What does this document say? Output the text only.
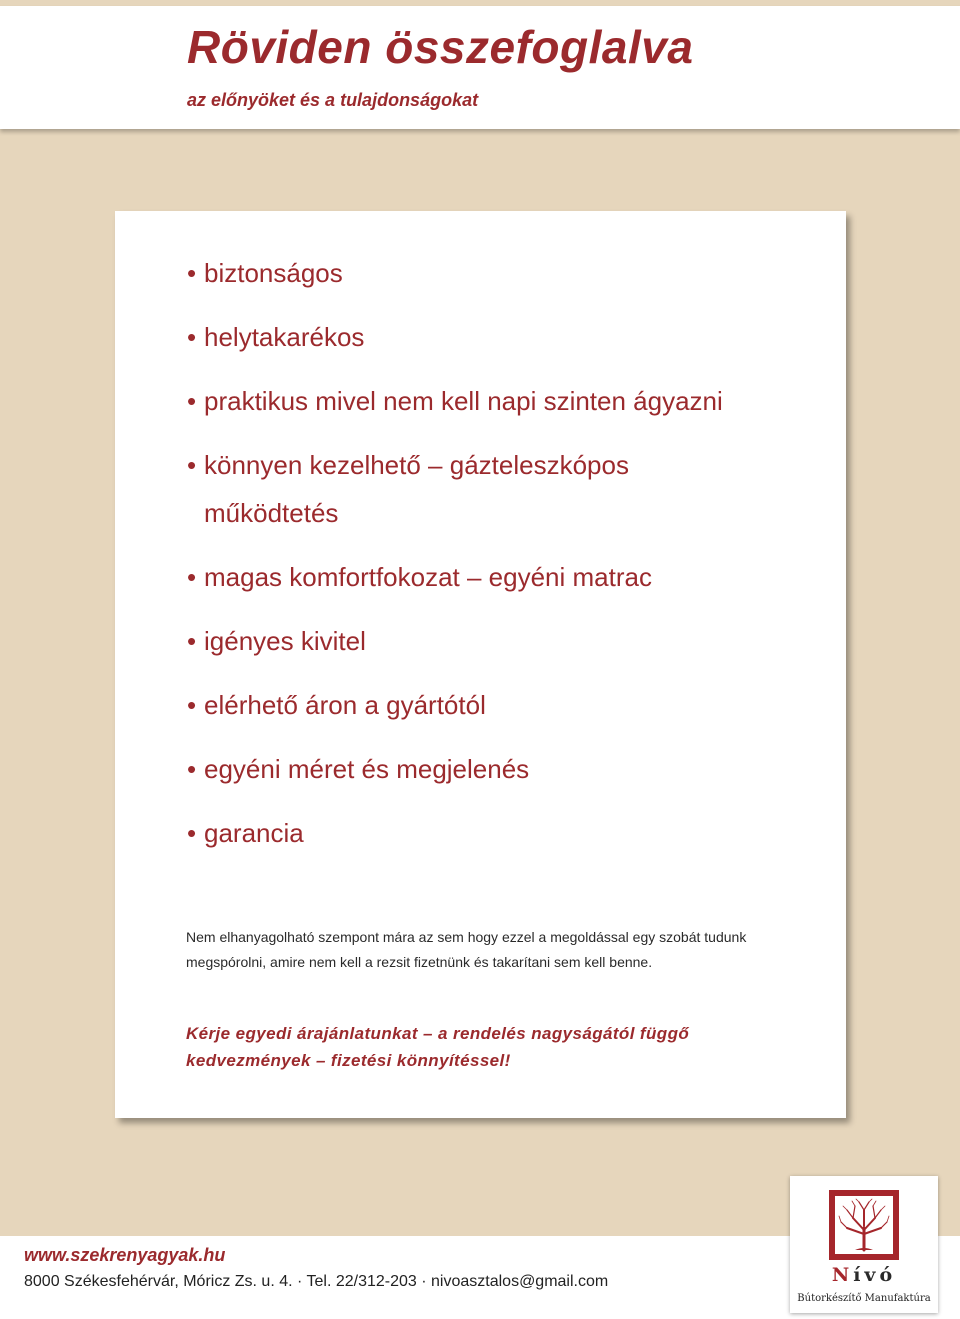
Röviden összefoglalva

az előnyöket és a tulajdonságokat

• biztonságos
• helytakarékos
• praktikus mivel nem kell napi szinten ágyazni
• könnyen kezelhető – gázteleszkópos működtetés
• magas komfortfokozat – egyéni matrac
• igényes kivitel
• elérhető áron a gyártótól
• egyéni méret és megjelenés
• garancia

Nem elhanyagolható szempont mára az sem hogy ezzel a megoldással egy szobát tudunk megspórolni, amire nem kell a rezsit fizetnünk és takarítani sem kell benne.

Kérje egyedi árajánlatunkat – a rendelés nagyságától függő kedvezmények – fizetési könnyítéssel!

www.szekrenyagyak.hu
8000 Székesfehérvár, Móricz Zs. u. 4. · Tel. 22/312-203 · nivoasztalos@gmail.com	Nívó
Bútorkészítő Manufaktúra
